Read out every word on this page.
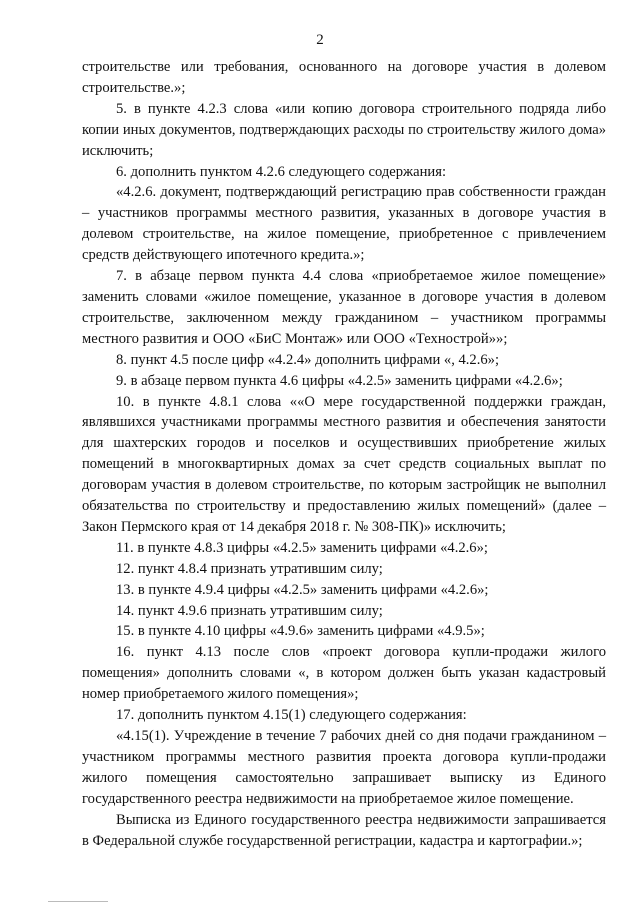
2

строительстве или требования, основанного на договоре участия в долевом строительстве.»;

5. в пункте 4.2.3 слова «или копию договора строительного подряда либо копии иных документов, подтверждающих расходы по строительству жилого дома» исключить;

6. дополнить пунктом 4.2.6 следующего содержания:

«4.2.6. документ, подтверждающий регистрацию прав собственности граждан – участников программы местного развития, указанных в договоре участия в долевом строительстве, на жилое помещение, приобретенное с привлечением средств действующего ипотечного кредита.»;

7. в абзаце первом пункта 4.4 слова «приобретаемое жилое помещение» заменить словами «жилое помещение, указанное в договоре участия в долевом строительстве, заключенном между гражданином – участником программы местного развития и ООО «БиС Монтаж» или ООО «Технострой»»;

8. пункт 4.5 после цифр «4.2.4» дополнить цифрами «, 4.2.6»;

9. в абзаце первом пункта 4.6 цифры «4.2.5» заменить цифрами «4.2.6»;

10. в пункте 4.8.1 слова ««О мере государственной поддержки граждан, являвшихся участниками программы местного развития и обеспечения занятости для шахтерских городов и поселков и осуществивших приобретение жилых помещений в многоквартирных домах за счет средств социальных выплат по договорам участия в долевом строительстве, по которым застройщик не выполнил обязательства по строительству и предоставлению жилых помещений» (далее – Закон Пермского края от 14 декабря 2018 г. № 308-ПК)» исключить;

11. в пункте 4.8.3 цифры «4.2.5» заменить цифрами «4.2.6»;

12. пункт 4.8.4 признать утратившим силу;

13. в пункте 4.9.4 цифры «4.2.5» заменить цифрами «4.2.6»;

14. пункт 4.9.6 признать утратившим силу;

15. в пункте 4.10 цифры «4.9.6» заменить цифрами «4.9.5»;

16. пункт 4.13 после слов «проект договора купли-продажи жилого помещения» дополнить словами «, в котором должен быть указан кадастровый номер приобретаемого жилого помещения»;

17. дополнить пунктом 4.15(1) следующего содержания:

«4.15(1). Учреждение в течение 7 рабочих дней со дня подачи гражданином – участником программы местного развития проекта договора купли-продажи жилого помещения самостоятельно запрашивает выписку из Единого государственного реестра недвижимости на приобретаемое жилое помещение.

Выписка из Единого государственного реестра недвижимости запрашивается в Федеральной службе государственной регистрации, кадастра и картографии.»;
